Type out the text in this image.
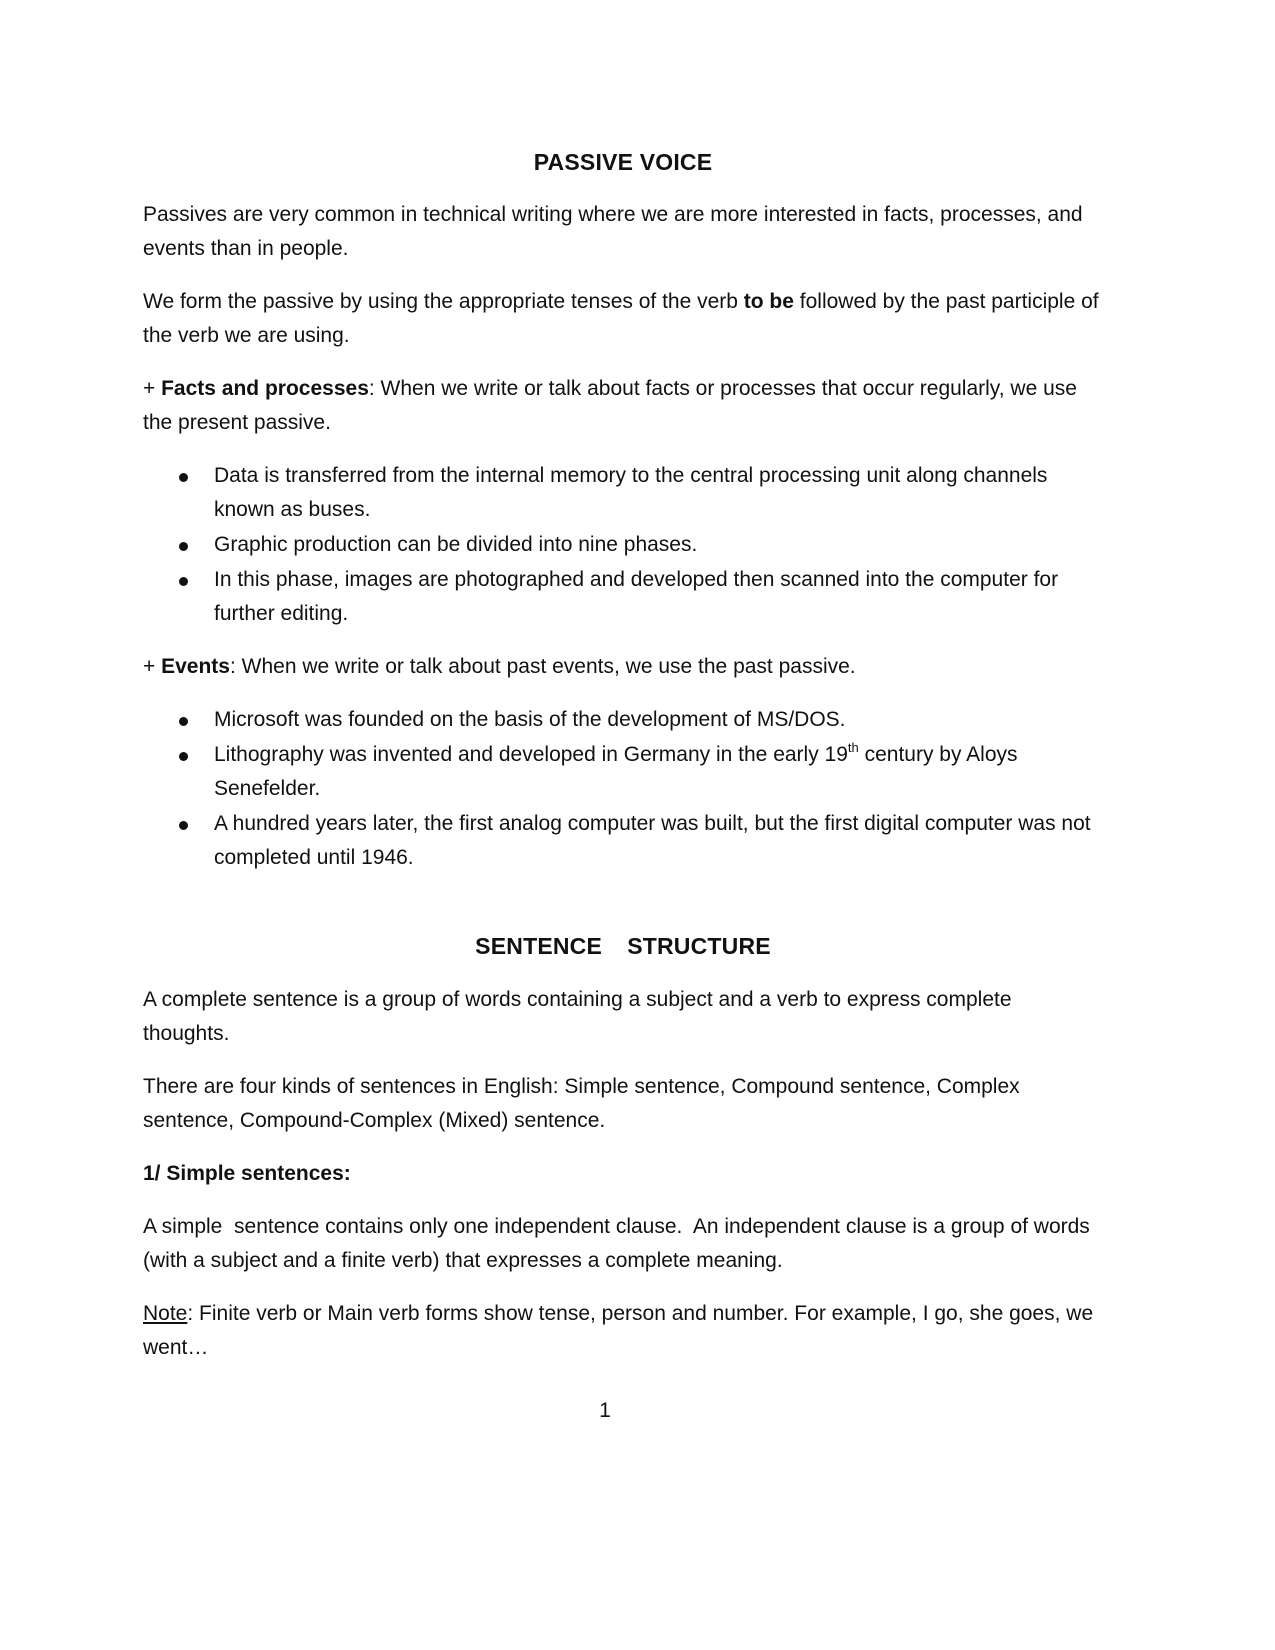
PASSIVE VOICE

Passives are very common in technical writing where we are more interested in facts, processes, and events than in people.

We form the passive by using the appropriate tenses of the verb to be followed by the past participle of the verb we are using.

+ Facts and processes: When we write or talk about facts or processes that occur regularly, we use the present passive.

Data is transferred from the internal memory to the central processing unit along channels known as buses.
Graphic production can be divided into nine phases.
In this phase, images are photographed and developed then scanned into the computer for further editing.

+ Events: When we write or talk about past events, we use the past passive.

Microsoft was founded on the basis of the development of MS/DOS.
Lithography was invented and developed in Germany in the early 19th century by Aloys Senefelder.
A hundred years later, the first analog computer was built, but the first digital computer was not completed until 1946.
SENTENCE  STRUCTURE

A complete sentence is a group of words containing a subject and a verb to express complete thoughts.

There are four kinds of sentences in English: Simple sentence, Compound sentence, Complex sentence, Compound-Complex (Mixed) sentence.

1/ Simple sentences:

A simple  sentence contains only one independent clause.  An independent clause is a group of words (with a subject and a finite verb) that expresses a complete meaning.

Note: Finite verb or Main verb forms show tense, person and number. For example, I go, she goes, we went…

1
